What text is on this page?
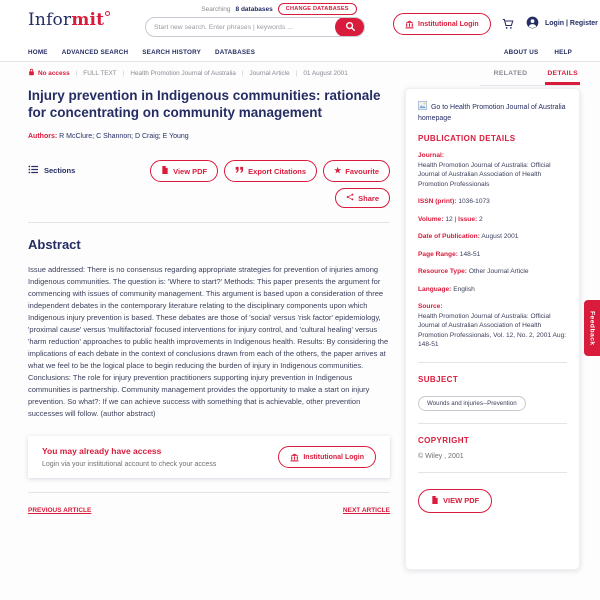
Informit
Searching 8 databases	CHANGE DATABASES
Start new search. Enter phrases | keywords ...
Institutional Login	Login | Register
HOME ADVANCED SEARCH SEARCH HISTORY DATABASES	ABOUT US	HELP
RELATED	DETAILS
No access | FULL TEXT | Health Promotion Journal of Australia | Journal Article | 01 August 2001
Injury prevention in Indigenous communities: rationale for concentrating on community management
Authors: R McClure; C Shannon; D Craig; E Young
Sections	View PDF	Export Citations	★ Favourite
Share
Abstract

Issue addressed: There is no consensus regarding appropriate strategies for prevention of injuries among Indigenous communities. The question is: 'Where to start?' Methods: This paper presents the argument for commencing with issues of community management. This argument is based upon a consideration of three independent debates in the contemporary literature relating to the disciplinary components upon which Indigenous injury prevention is based. These debates are those of 'social' versus 'risk factor' epidemiology, 'proximal cause' versus 'multifactorial' focused interventions for injury control, and 'cultural healing' versus 'harm reduction' approaches to public health improvements in Indigenous health. Results: By considering the implications of each debate in the context of conclusions drawn from each of the others, the paper arrives at what we feel to be the logical place to begin reducing the burden of injury in Indigenous communities. Conclusions: The role for injury prevention practitioners supporting injury prevention in Indigenous communities is partnership. Community management provides the opportunity to make a start on injury prevention. So what?: If we can achieve success with something that is achievable, other prevention successes will follow. (author abstract)

You may already have access
Login via your institutional account to check your access
Institutional Login
PREVIOUS ARTICLE	NEXT ARTICLE
Go to Health Promotion Journal of Australia homepage
PUBLICATION DETAILS
Journal:
Health Promotion Journal of Australia: Official Journal of Australian Association of Health Promotion Professionals
ISSN (print): 1036-1073
Volume: 12 | Issue: 2
Date of Publication: August 2001
Page Range: 148-51
Resource Type: Other Journal Article
Language: English
Source:
Health Promotion Journal of Australia: Official Journal of Australian Association of Health Promotion Professionals, Vol. 12, No. 2, 2001 Aug: 148-51
SUBJECT
Wounds and injuries--Prevention
COPYRIGHT
© Wiley , 2001
VIEW PDF
Feedback
